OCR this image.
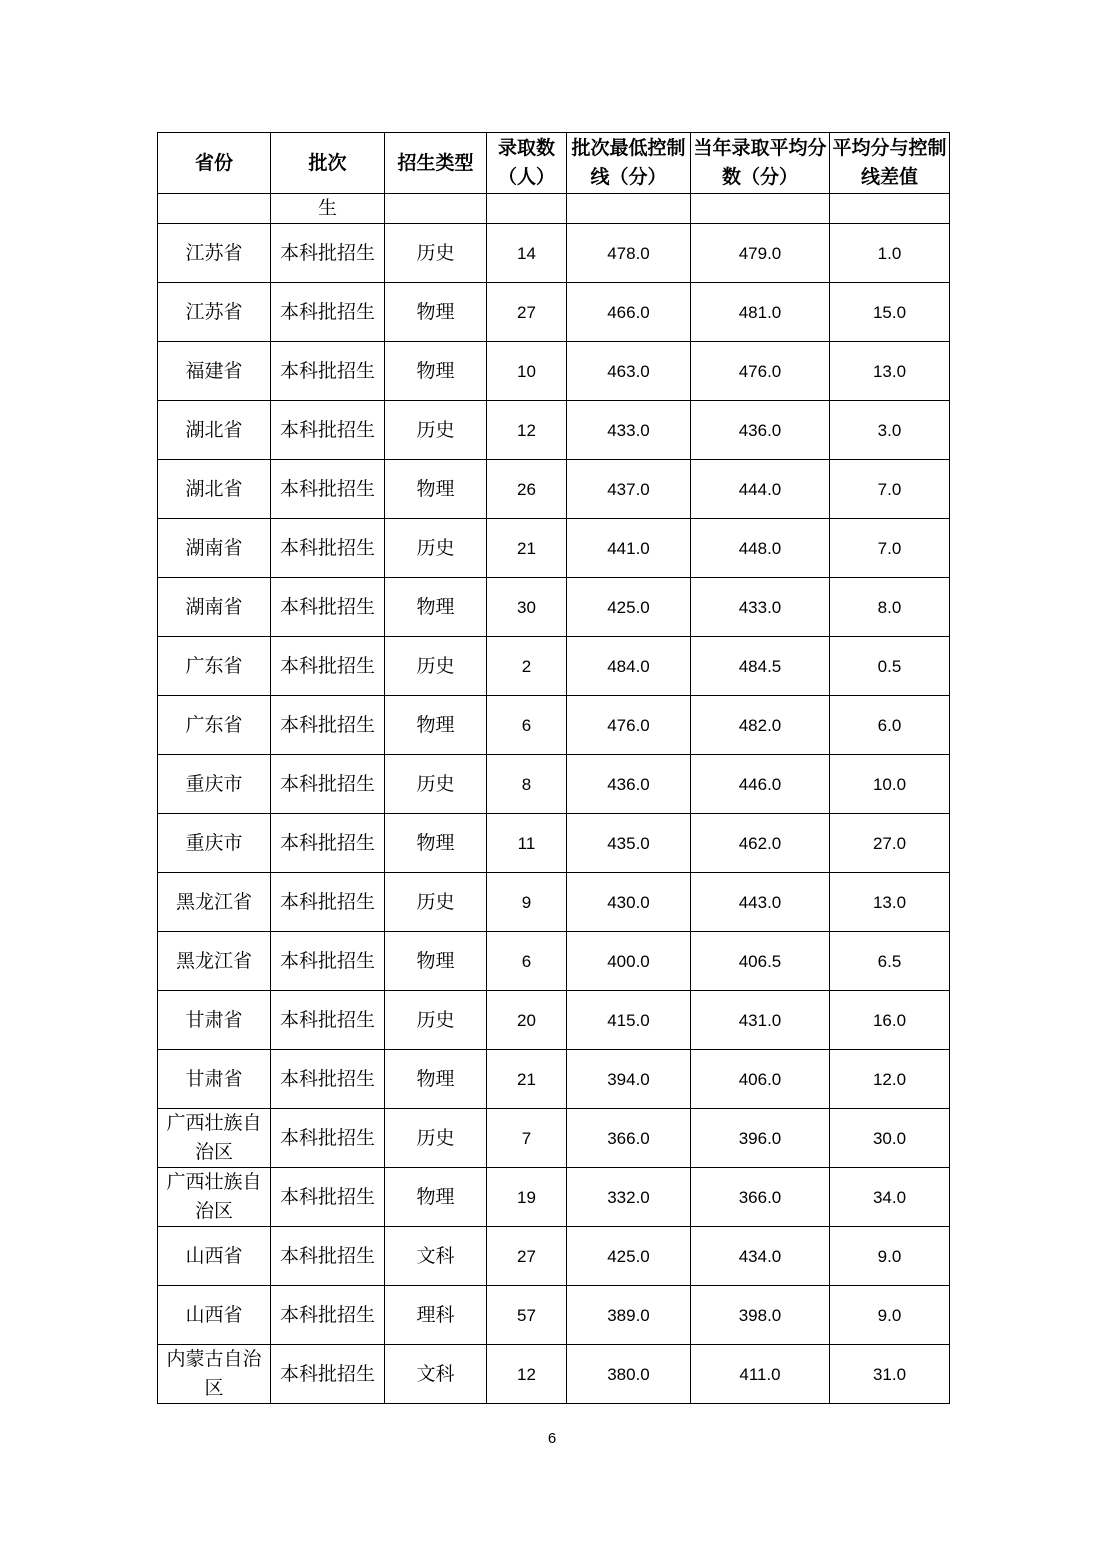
省份	批次	招生类型	录取数（人）	批次最低控制线（分）	当年录取平均分数（分）	平均分与控制线差值
	生					
江苏省	本科批招生	历史	14	478.0	479.0	1.0
江苏省	本科批招生	物理	27	466.0	481.0	15.0
福建省	本科批招生	物理	10	463.0	476.0	13.0
湖北省	本科批招生	历史	12	433.0	436.0	3.0
湖北省	本科批招生	物理	26	437.0	444.0	7.0
湖南省	本科批招生	历史	21	441.0	448.0	7.0
湖南省	本科批招生	物理	30	425.0	433.0	8.0
广东省	本科批招生	历史	2	484.0	484.5	0.5
广东省	本科批招生	物理	6	476.0	482.0	6.0
重庆市	本科批招生	历史	8	436.0	446.0	10.0
重庆市	本科批招生	物理	11	435.0	462.0	27.0
黑龙江省	本科批招生	历史	9	430.0	443.0	13.0
黑龙江省	本科批招生	物理	6	400.0	406.5	6.5
甘肃省	本科批招生	历史	20	415.0	431.0	16.0
甘肃省	本科批招生	物理	21	394.0	406.0	12.0
广西壮族自治区	本科批招生	历史	7	366.0	396.0	30.0
广西壮族自治区	本科批招生	物理	19	332.0	366.0	34.0
山西省	本科批招生	文科	27	425.0	434.0	9.0
山西省	本科批招生	理科	57	389.0	398.0	9.0
内蒙古自治区	本科批招生	文科	12	380.0	411.0	31.0
6
